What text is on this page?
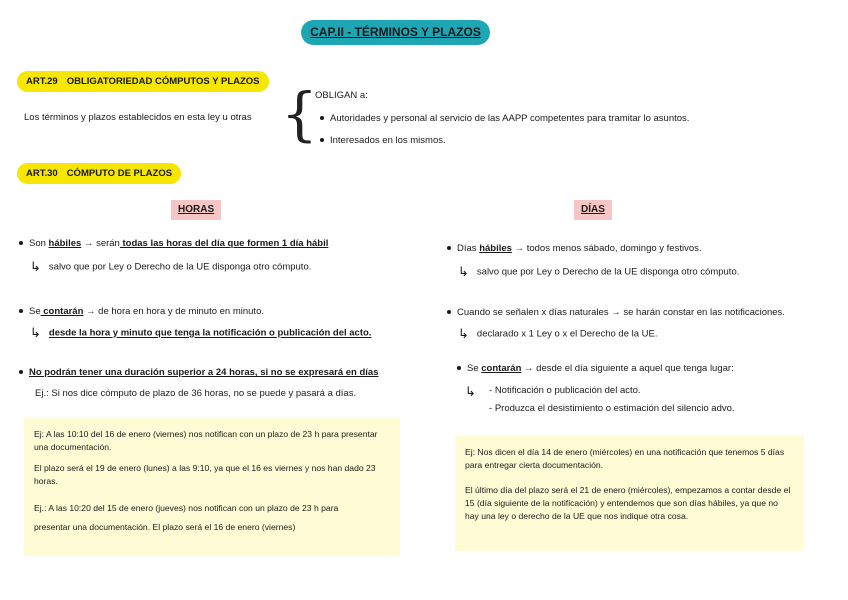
CAP.II - TÉRMINOS Y PLAZOS
ART.29 OBLIGATORIEDAD CÓMPUTOS Y PLAZOS
Los términos y plazos establecidos en esta ley u otras {
OBLIGAN a:
Autoridades y personal al servicio de las AAPP competentes para tramitar lo asuntos.
Interesados en los mismos.
ART.30 CÓMPUTO DE PLAZOS
HORAS
Son hábiles → serán todas las horas del día que formen 1 día hábil
↳ salvo que por Ley o Derecho de la UE disponga otro cómputo.
Se contarán → de hora en hora y de minuto en minuto.
↳ desde la hora y minuto que tenga la notificación o publicación del acto.
No podrán tener una duración superior a 24 horas, si no se expresará en días
Ej.: Si nos dice cómputo de plazo de 36 horas, no se puede y pasará a días.

Ej: A las 10:10 del 16 de enero (viernes) nos notifican con un plazo de 23 h para presentar una documentación.

El plazo será el 19 de enero (lunes) a las 9:10, ya que el 16 es viernes y nos han dado 23 horas.

Ej.: A las 10:20 del 15 de enero (jueves) nos notifican con un plazo de 23 h para

presentar una documentación. El plazo será el 16 de enero (viernes)

DÍAS
Días hábiles → todos menos sábado, domingo y festivos.
↳ salvo que por Ley o Derecho de la UE disponga otro cómputo.
Cuando se señalen x días naturales → se harán constar en las notificaciones.
↳ declarado x 1 Ley o x el Derecho de la UE.
Se contarán → desde el día siguiente a aquel que tenga lugar:
↳	- Notificación o publicación del acto.
- Produzca el desistimiento o estimación del silencio advo.

Ej: Nos dicen el día 14 de enero (miércoles) en una notificación que tenemos 5 días para entregar cierta documentación.

El último día del plazo será el 21 de enero (miércoles), empezamos a contar desde el 15 (día siguiente de la notificación) y entendemos que son días hábiles, ya que no hay una ley o derecho de la UE que nos indique otra cosa.
